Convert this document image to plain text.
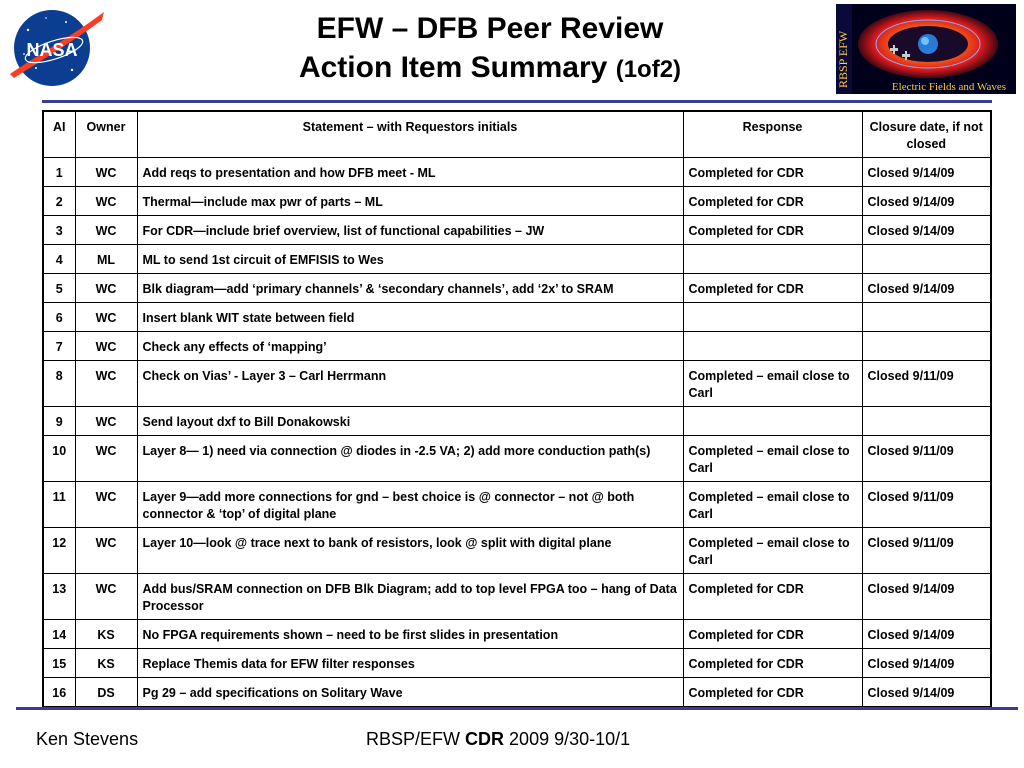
NASA
EFW – DFB Peer Review
Action Item Summary (1of2)	RBSP EFW	Electric Fields and Waves
AI	Owner	Statement – with Requestors initials	Response	Closure date, if not closed
1	WC	Add reqs to presentation and how DFB meet - ML	Completed for CDR	Closed 9/14/09
2	WC	Thermal—include max pwr of parts – ML	Completed for CDR	Closed 9/14/09
3	WC	For CDR—include brief overview, list of functional capabilities – JW	Completed for CDR	Closed 9/14/09
4	ML	ML to send 1st circuit of EMFISIS to Wes		
5	WC	Blk diagram—add ‘primary channels’ & ‘secondary channels’, add ‘2x’ to SRAM	Completed for CDR	Closed 9/14/09
6	WC	Insert blank WIT state between field		
7	WC	Check any effects of ‘mapping’		
8	WC	Check on Vias’ - Layer 3 – Carl Herrmann	Completed – email close to Carl	Closed 9/11/09
9	WC	Send layout dxf to Bill Donakowski		
10	WC	Layer 8— 1) need via connection @ diodes in -2.5 VA; 2) add more conduction path(s)	Completed – email close to Carl	Closed 9/11/09
11	WC	Layer 9—add more connections for gnd – best choice is @ connector – not @ both connector & ‘top’ of digital plane	Completed – email close to Carl	Closed 9/11/09
12	WC	Layer 10—look @ trace next to bank of resistors, look @ split with digital plane	Completed – email close to Carl	Closed 9/11/09
13	WC	Add bus/SRAM connection on DFB Blk Diagram; add to top level FPGA too – hang of Data Processor	Completed for CDR	Closed 9/14/09
14	KS	No FPGA requirements shown – need to be first slides in presentation	Completed for CDR	Closed 9/14/09
15	KS	Replace Themis data for EFW filter responses	Completed for CDR	Closed 9/14/09
16	DS	Pg 29 – add specifications on Solitary Wave	Completed for CDR	Closed 9/14/09
Ken Stevens	RBSP/EFW CDR 2009 9/30-10/1
